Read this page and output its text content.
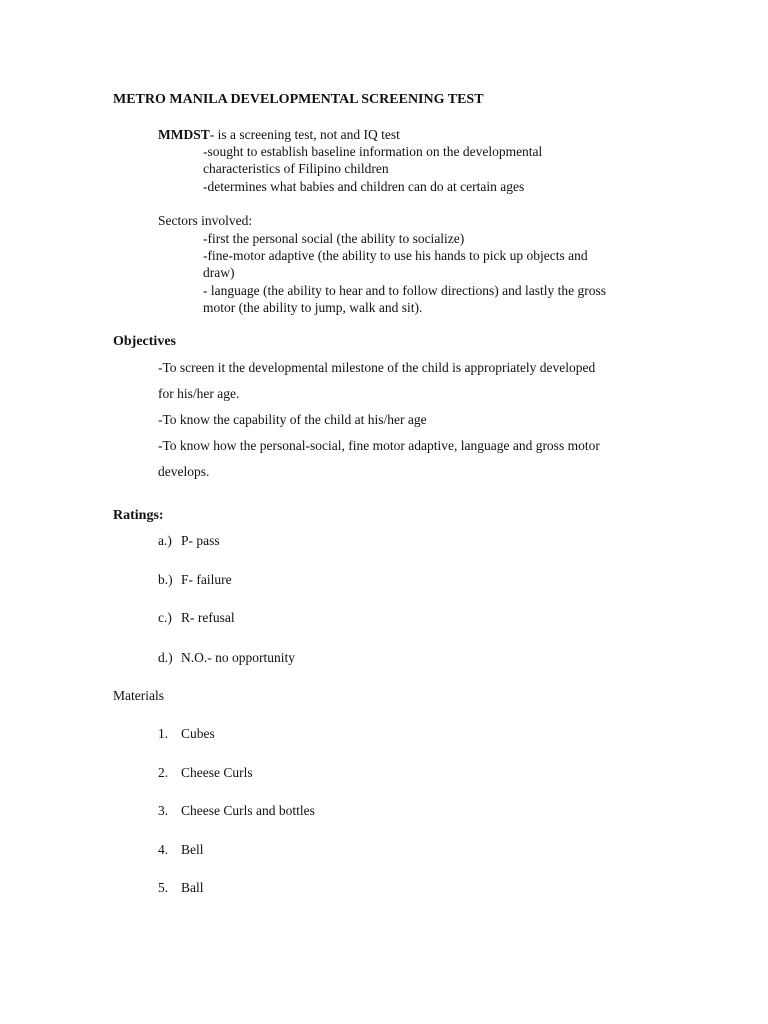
METRO MANILA DEVELOPMENTAL SCREENING TEST
MMDST- is a screening test, not and IQ test
-sought to establish baseline information on the developmental
characteristics of Filipino children
-determines what babies and children can do at certain ages
Sectors involved:
-first the personal social (the ability to socialize)
-fine-motor adaptive (the ability to use his hands to pick up objects and
draw)
- language (the ability to hear and to follow directions) and lastly the gross
motor (the ability to jump, walk and sit).
Objectives
-To screen it the developmental milestone of the child is appropriately developed
for his/her age.
-To know the capability of the child at his/her age
-To know how the personal-social, fine motor adaptive, language and gross motor
develops.
Ratings:
a.) P- pass
b.) F- failure
c.) R- refusal
d.) N.O.- no opportunity
Materials
1. Cubes
2. Cheese Curls
3. Cheese Curls and bottles
4. Bell
5. Ball
